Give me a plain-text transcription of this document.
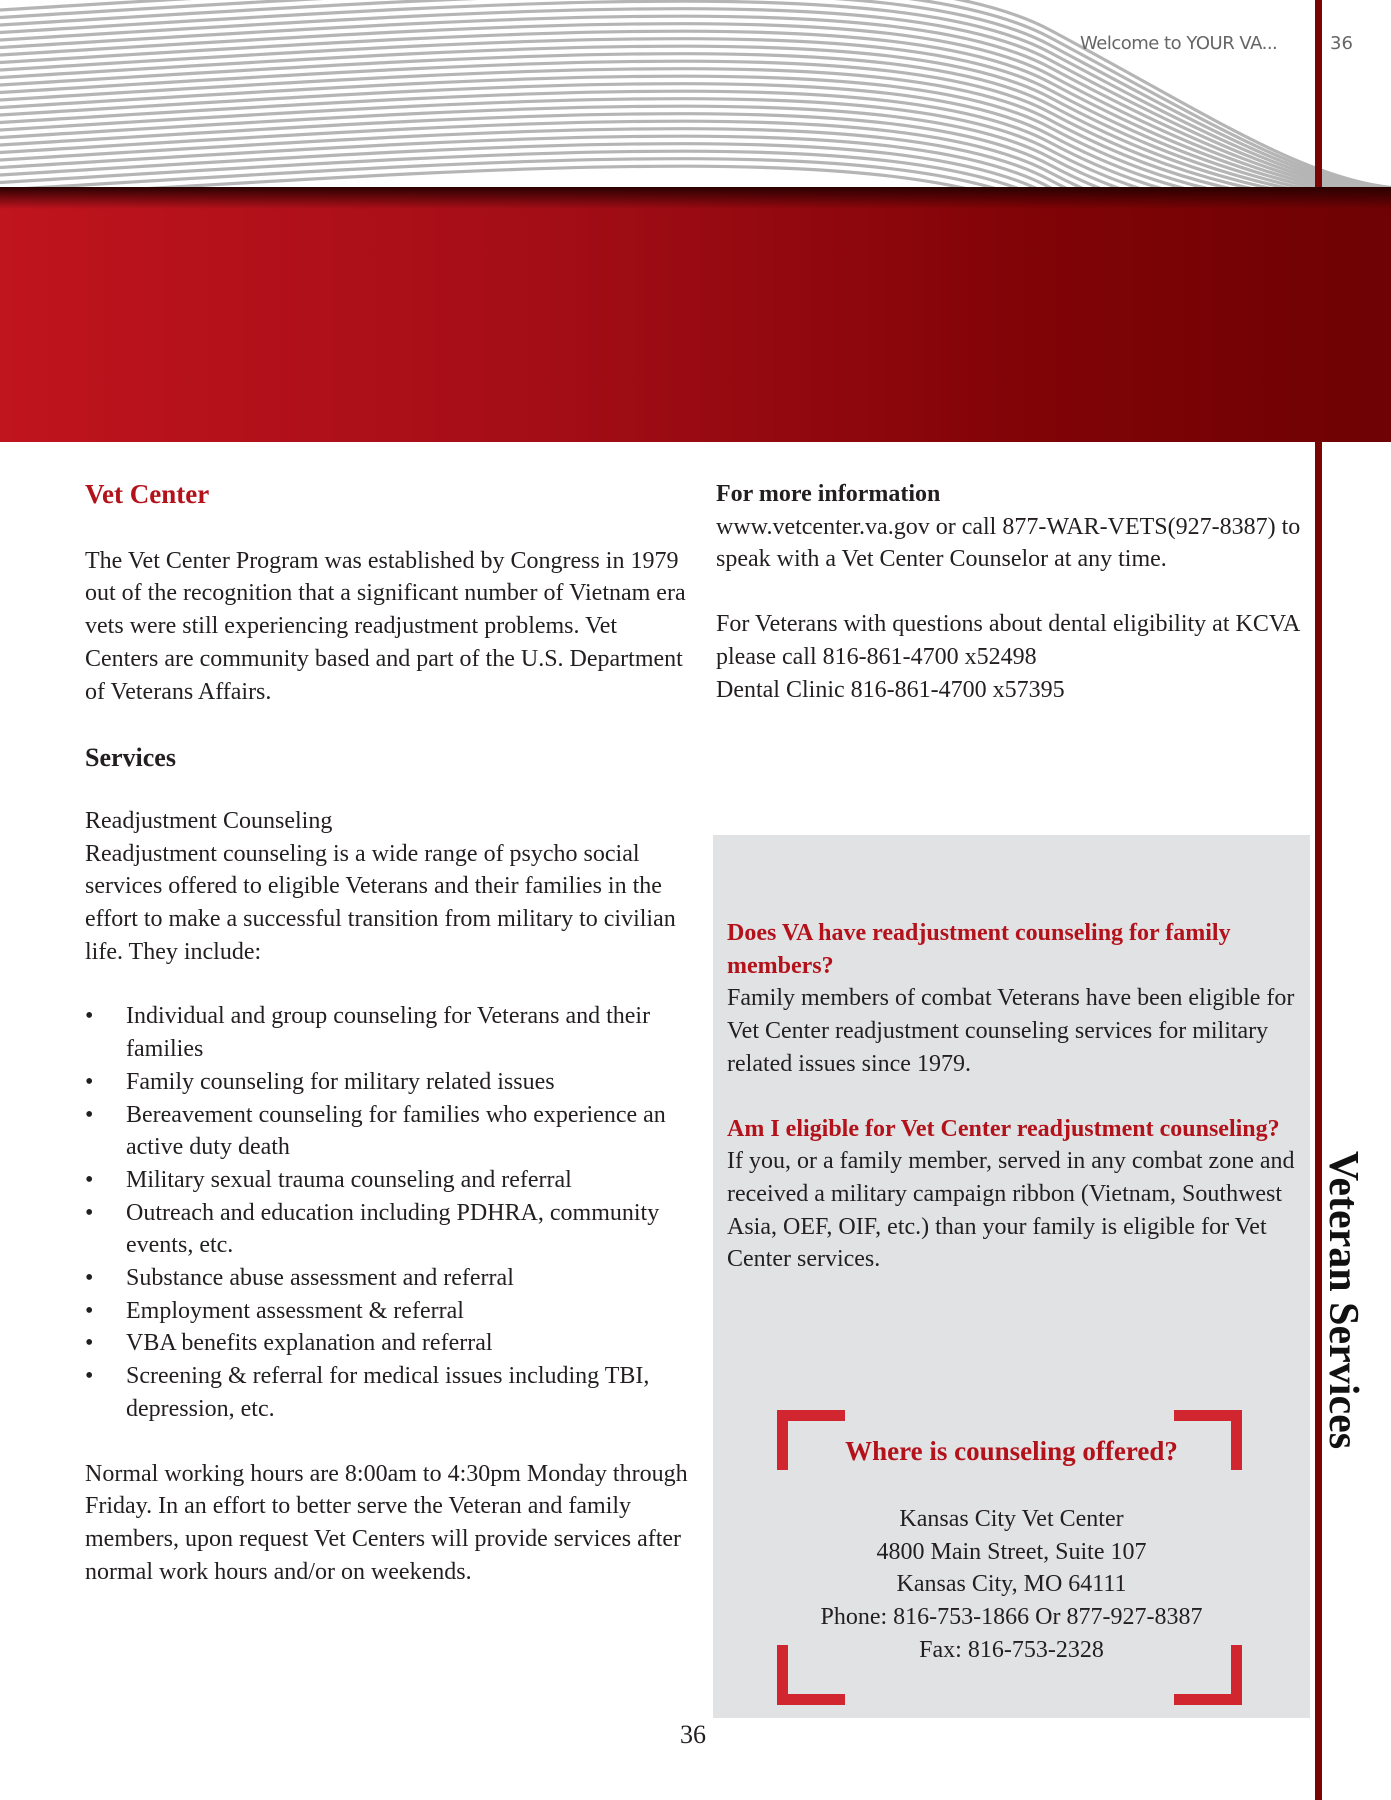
Welcome to YOUR VA...	36
Vet Center

The Vet Center Program was established by Congress in 1979 out of the recognition that a significant number of Vietnam era vets were still experiencing readjustment problems. Vet Centers are community based and part of the U.S. Department of Veterans Affairs.

Services

Readjustment Counseling

Readjustment counseling is a wide range of psycho social services offered to eligible Veterans and their families in the effort to make a successful transition from military to civilian life. They include:

• Individual and group counseling for Veterans and their families
• Family counseling for military related issues
• Bereavement counseling for families who experience an active duty death
• Military sexual trauma counseling and referral
• Outreach and education including PDHRA, community events, etc.
• Substance abuse assessment and referral
• Employment assessment & referral
• VBA benefits explanation and referral
• Screening & referral for medical issues including TBI, depression, etc.

Normal working hours are 8:00am to 4:30pm Monday through Friday. In an effort to better serve the Veteran and family members, upon request Vet Centers will provide services after normal work hours and/or on weekends.

For more information

www.vetcenter.va.gov or call 877-WAR-VETS(927-8387) to speak with a Vet Center Counselor at any time.

For Veterans with questions about dental eligibility at KCVA please call 816-861-4700 x52498

Dental Clinic 816-861-4700 x57395

Does VA have readjustment counseling for family members?

Family members of combat Veterans have been eligible for Vet Center readjustment counseling services for military related issues since 1979.

Am I eligible for Vet Center readjustment counseling?

If you, or a family member, served in any combat zone and received a military campaign ribbon (Vietnam, Southwest Asia, OEF, OIF, etc.) than your family is eligible for Vet Center services.

Where is counseling offered?

Kansas City Vet Center

4800 Main Street, Suite 107

Kansas City, MO 64111

Phone: 816-753-1866 Or 877-927-8387

Fax: 816-753-2328

Veteran Services
36
